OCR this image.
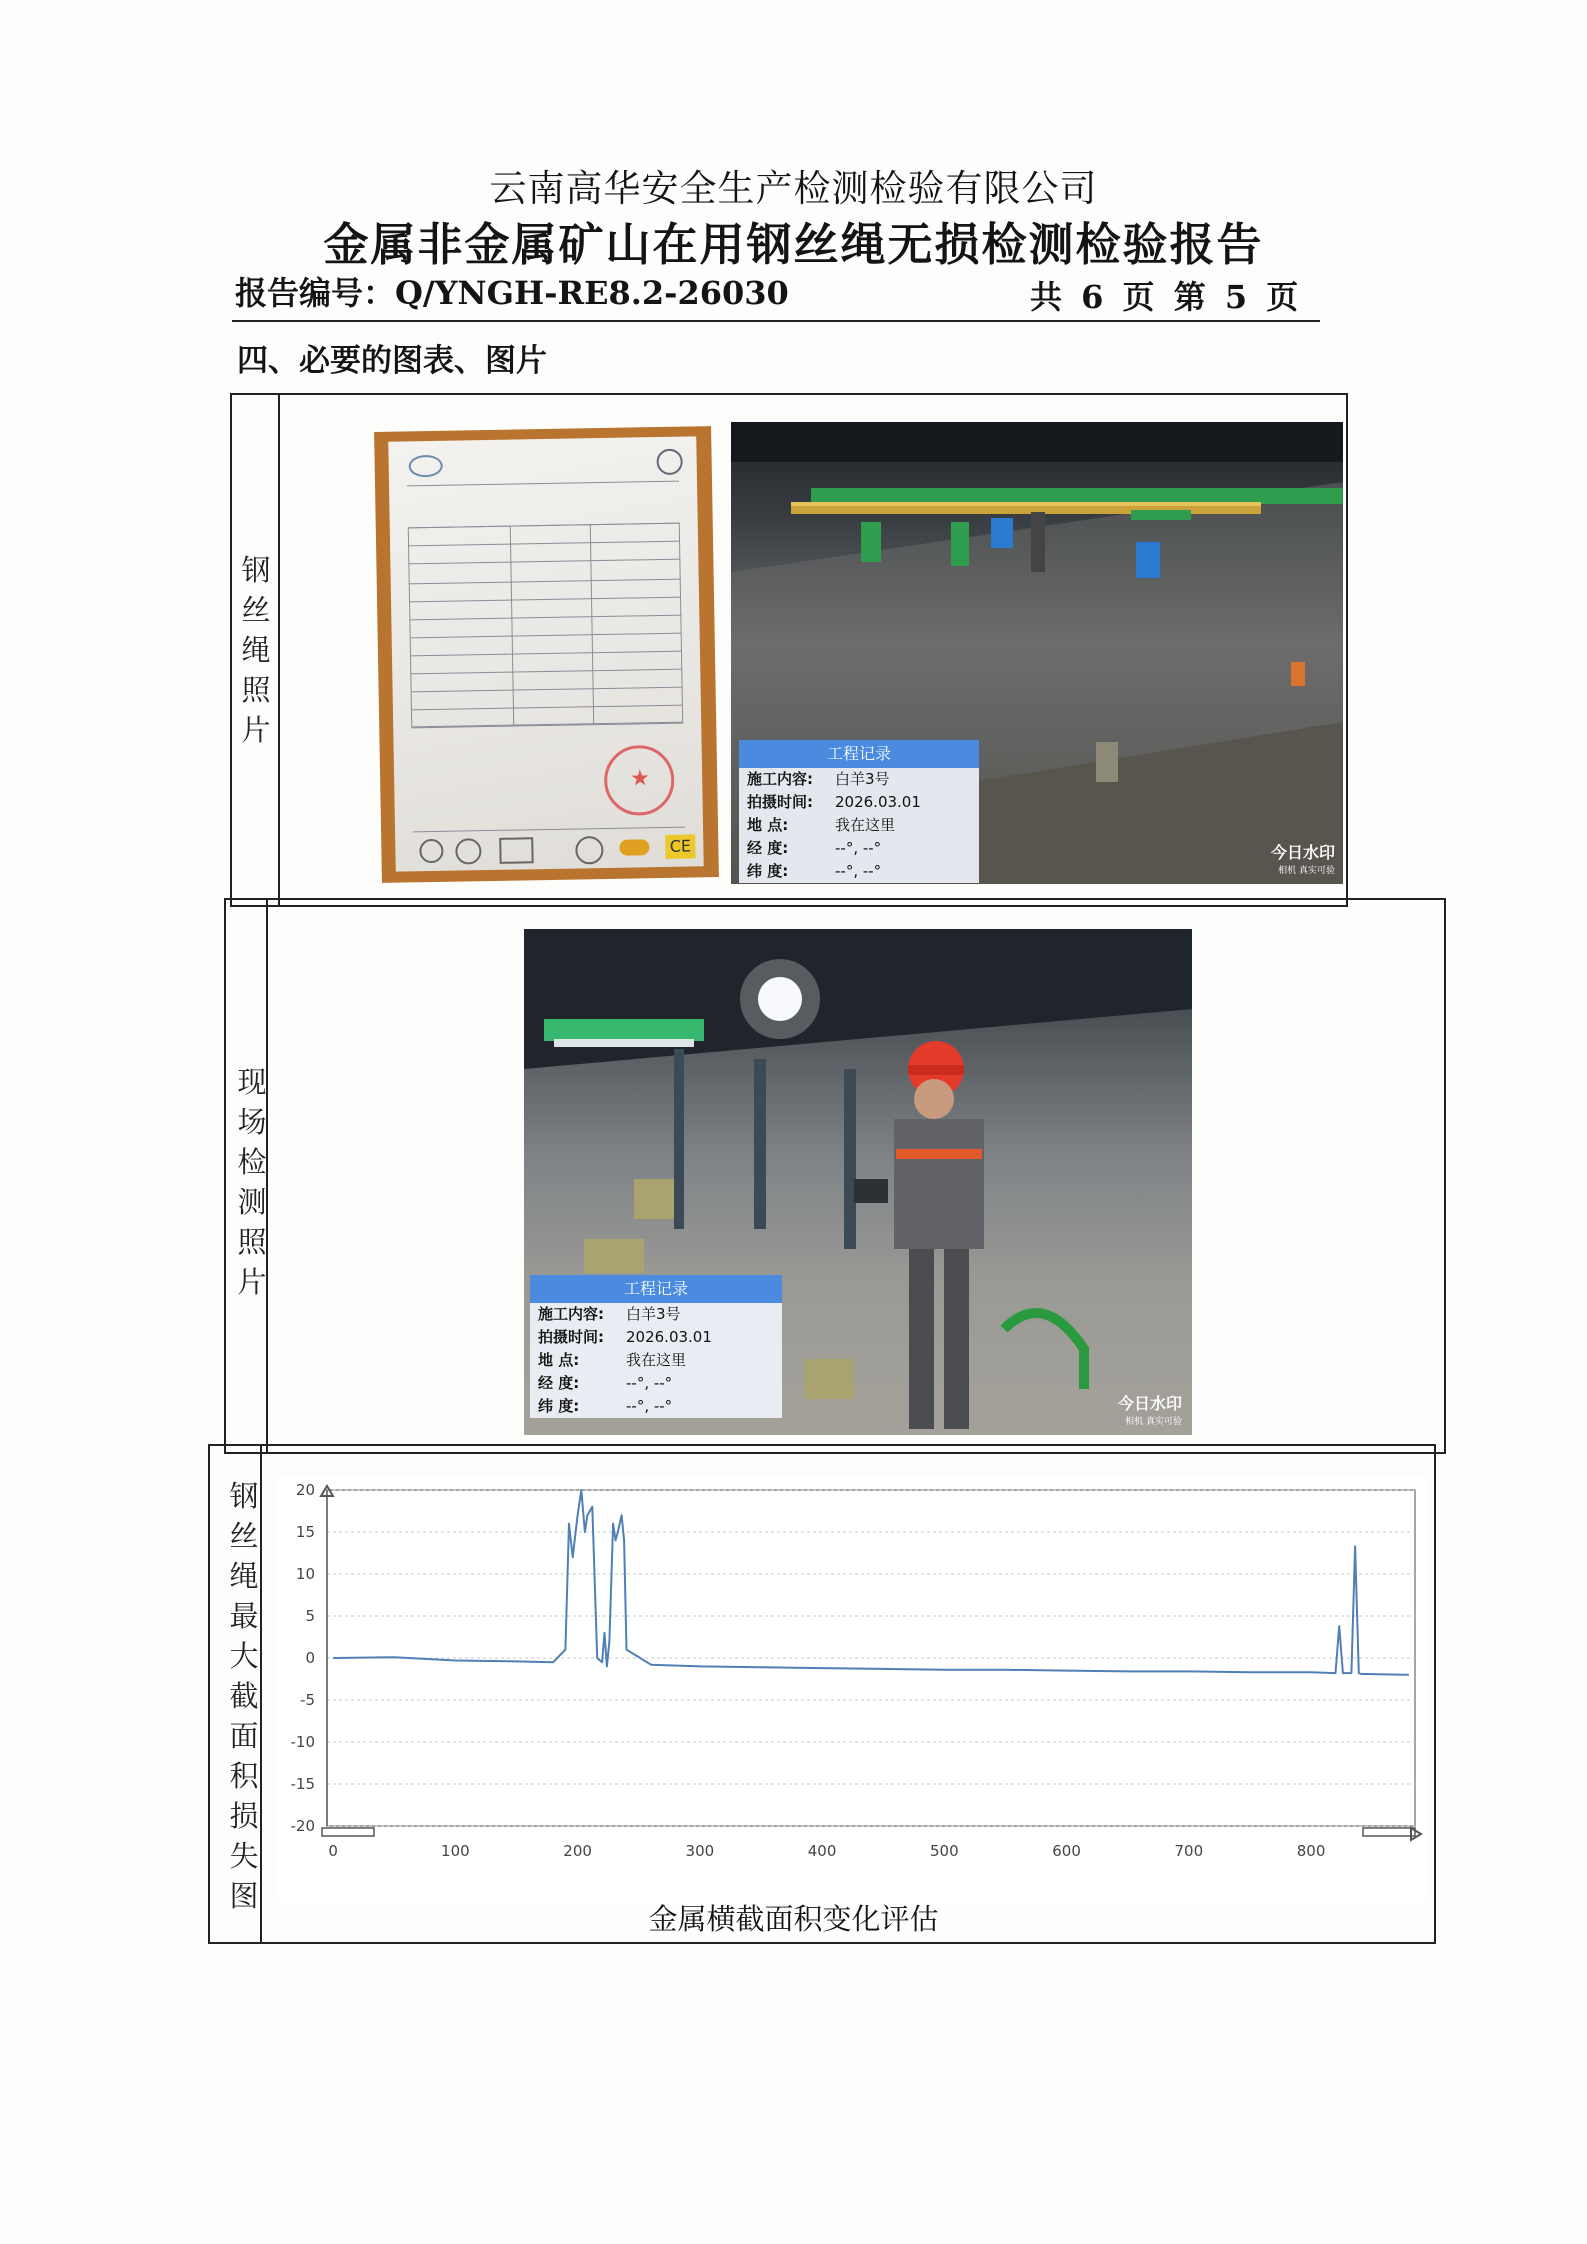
云南高华安全生产检测检验有限公司
金属非金属矿山在用钢丝绳无损检测检验报告
报告编号：Q/YNGH-RE8.2-26030	共 6 页 第 5 页
四、必要的图表、图片
钢丝绳照片
★
CE
工程记录
施工内容: 白羊3号
拍摄时间: 2026.03.01
地 点:	我在这里
经 度:	--°, --°
纬 度:	--°, --°
今日水印
相机 真实可验
现场检测照片	工程记录
施工内容: 白羊3号
拍摄时间: 2026.03.01
地 点:	我在这里
经 度:	--°, --°
纬 度:	--°, --°	今日水印
相机 真实可验
钢丝绳最大截面积损失图
20
15
10
5
0
-5
-10
-15
-20
0	100	200	300	400	500	600	700	800
金属横截面积变化评估
